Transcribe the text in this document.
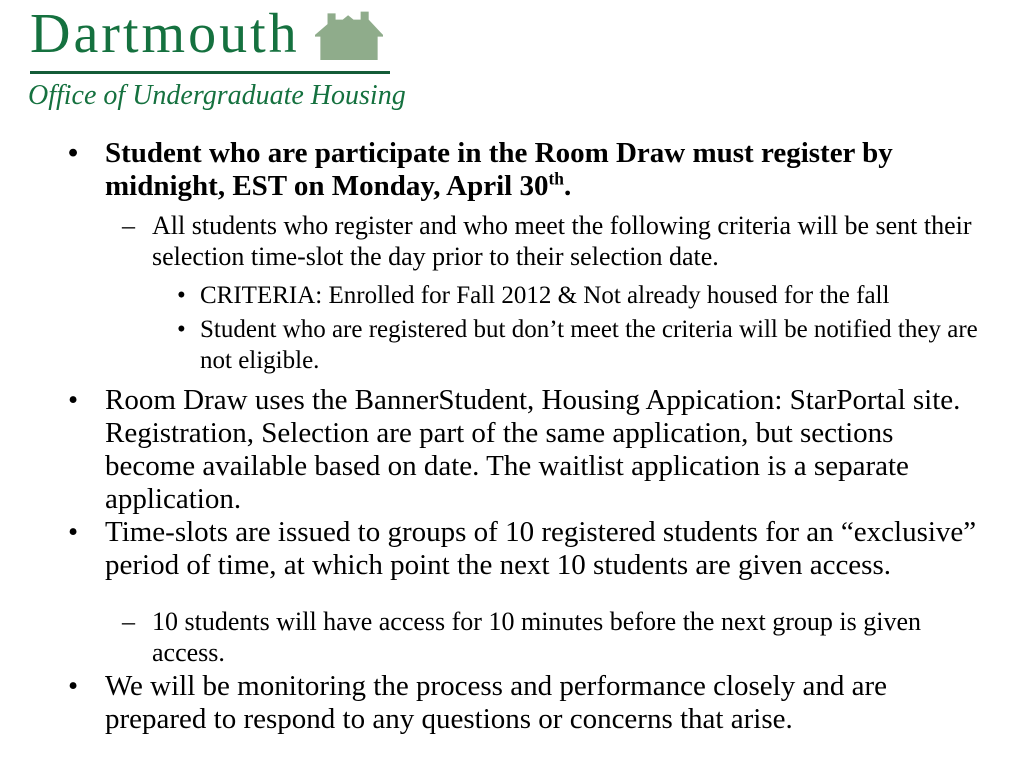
Dartmouth
Office of Undergraduate Housing
• Student who are participate in the Room Draw must register by midnight, EST on Monday, April 30th.
– All students who register and who meet the following criteria will be sent their selection time-slot the day prior to their selection date.
• CRITERIA: Enrolled for Fall 2012 & Not already housed for the fall
• Student who are registered but don’t meet the criteria will be notified they are not eligible.
• Room Draw uses the BannerStudent, Housing Appication: StarPortal site. Registration, Selection are part of the same application, but sections become available based on date. The waitlist application is a separate application.
• Time-slots are issued to groups of 10 registered students for an “exclusive” period of time, at which point the next 10 students are given access.
– 10 students will have access for 10 minutes before the next group is given access.
• We will be monitoring the process and performance closely and are prepared to respond to any questions or concerns that arise.
